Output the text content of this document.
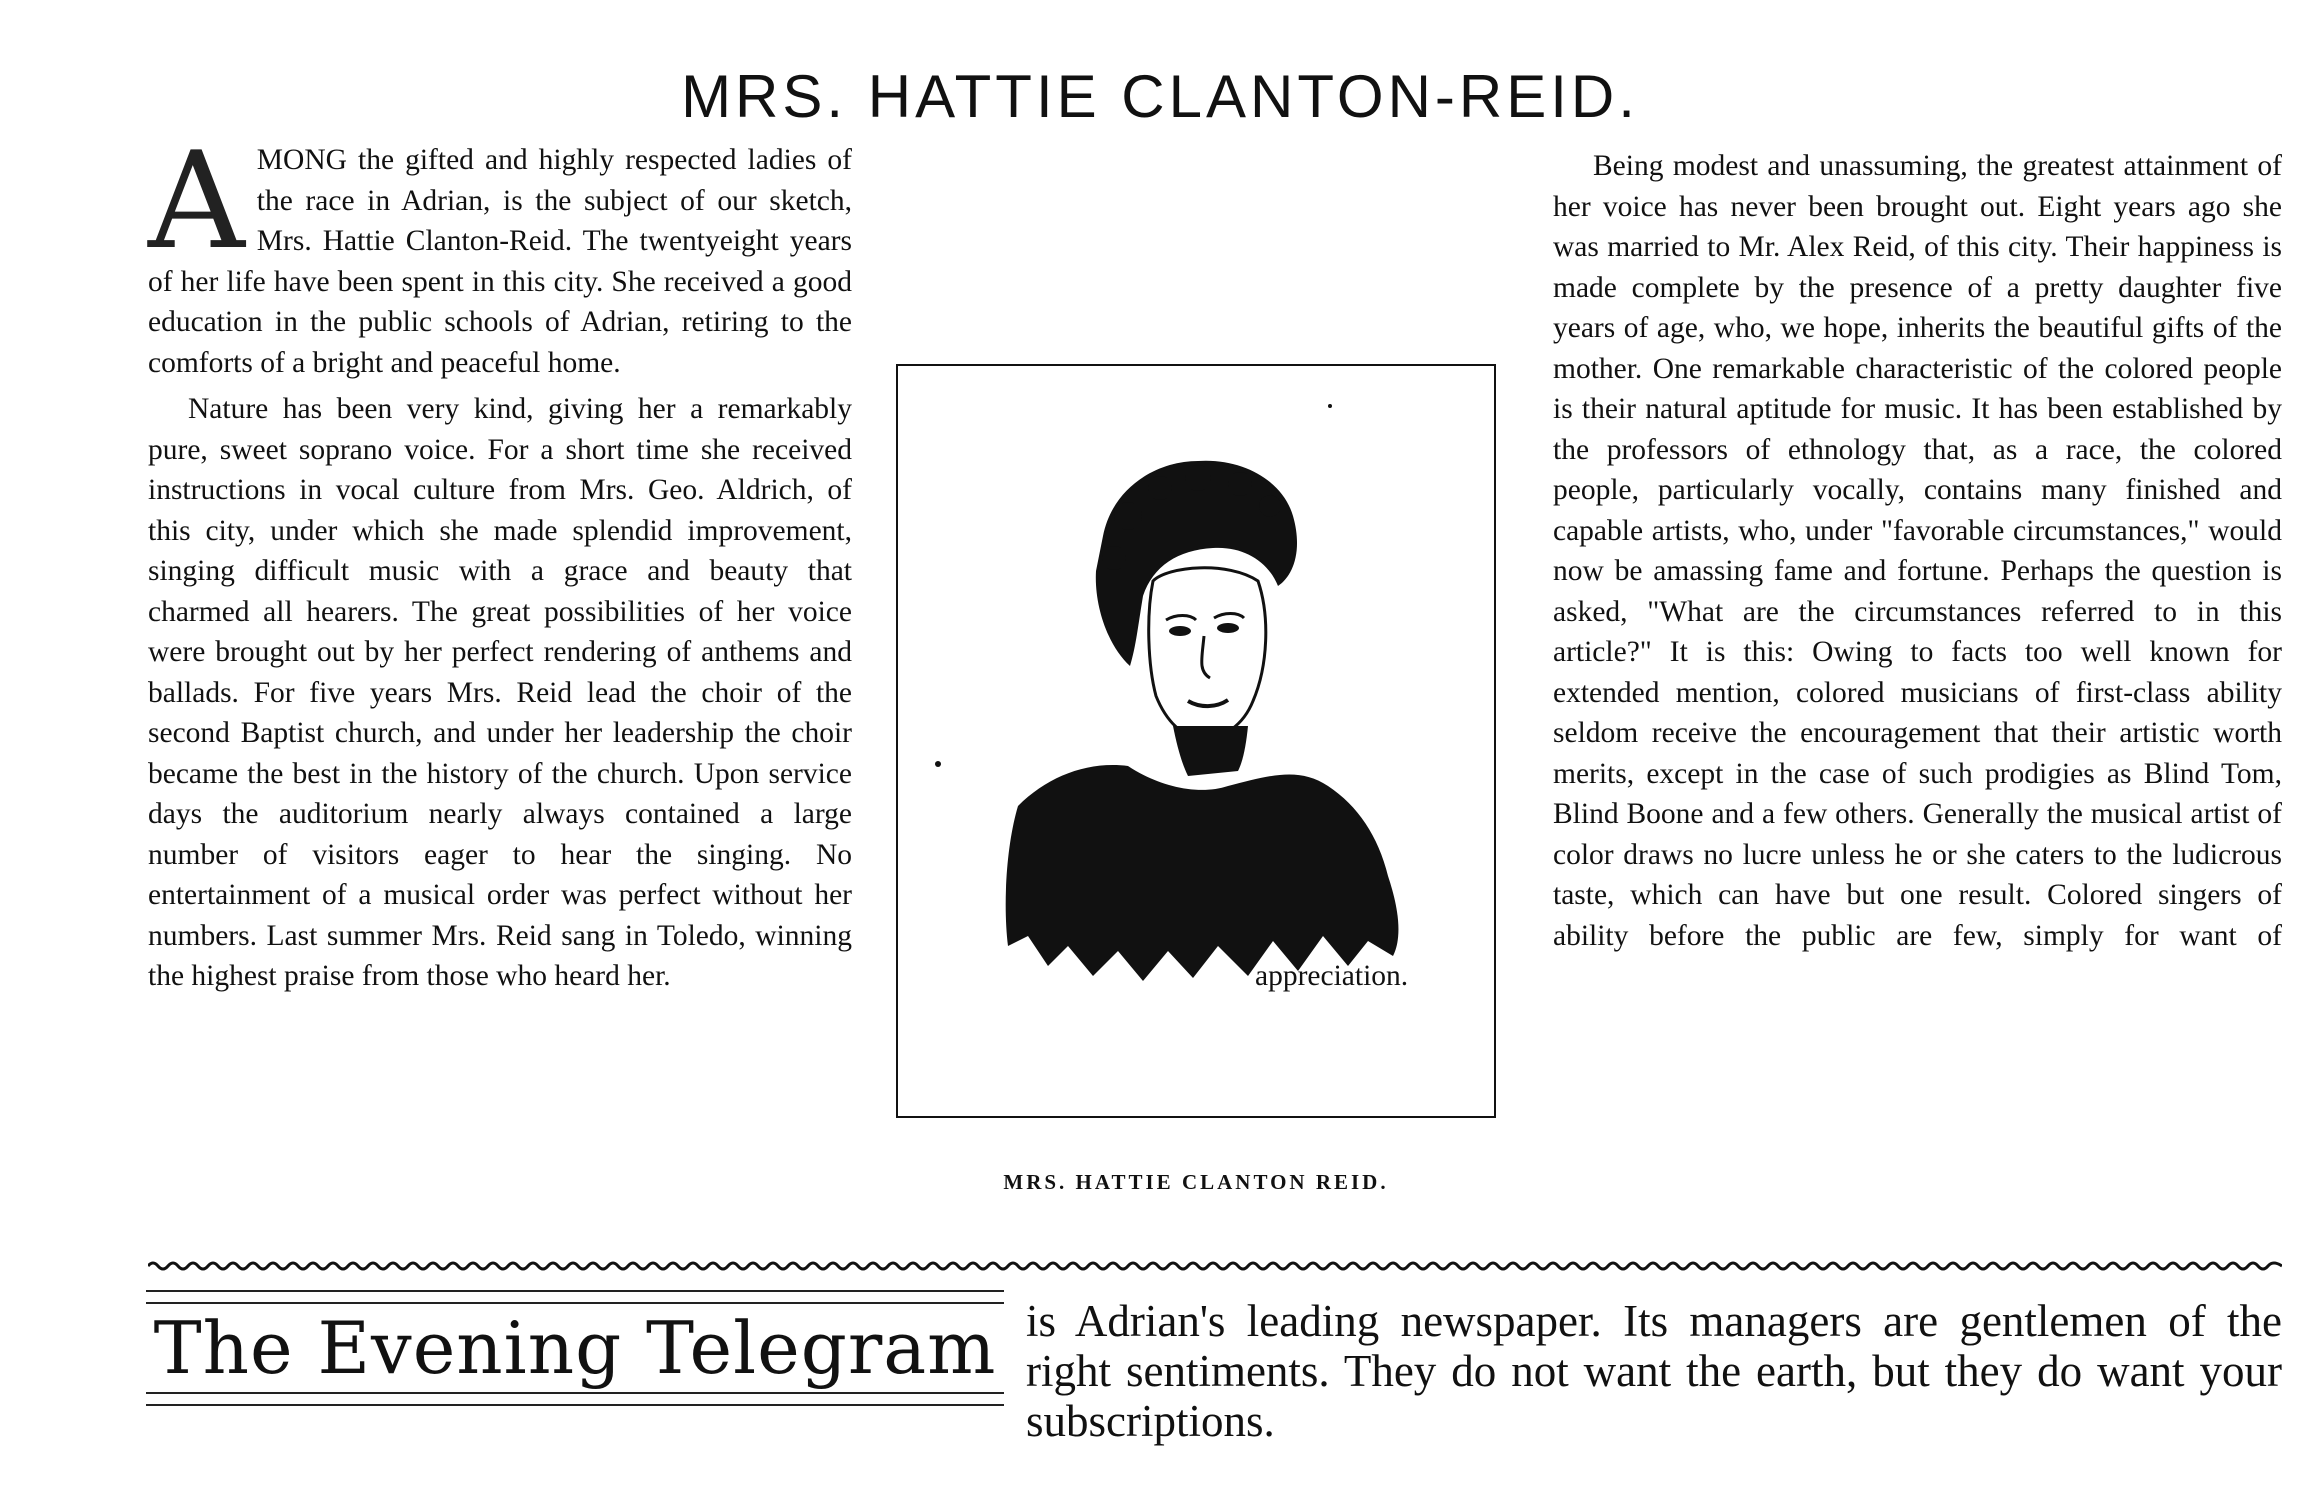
MRS. HATTIE CLANTON-REID.
A MONG the gifted and highly respected ladies of the race in Adrian, is the subject of our sketch, Mrs. Hattie Clanton-Reid. The twentyeight years of her life have been spent in this city. She received a good education in the public schools of Adrian, retiring to the comforts of a bright and peaceful home.

Nature has been very kind, giving her a remarkably pure, sweet soprano voice. For a short time she received instructions in vocal culture from Mrs. Geo. Aldrich, of this city, under which she made splendid improvement, singing difficult music with a grace and beauty that charmed all hearers. The great possibilities of her voice were brought out by her perfect rendering of anthems and ballads. For five years Mrs. Reid lead the choir of the second Baptist church, and under her leadership the choir became the best in the history of the church. Upon service days the auditorium nearly always contained a large number of visitors eager to hear the singing. No entertainment of a musical order was perfect without her numbers. Last summer Mrs. Reid sang in Toledo, winning the highest praise from those who heard her.

Being modest and unassuming, the greatest attainment of her voice has never been brought out. Eight years ago she was married to Mr. Alex Reid, of this city. Their happiness is made complete by the presence of a pretty daughter five years of age, who, we hope, inherits the beautiful gifts of the mother. One remarkable characteristic of the colored people is their natural aptitude for music. It has been established by the professors of ethnology that, as a race, the colored people, particularly vocally, contains many finished and capable artists, who, under "favorable circumstances," would now be amassing fame and fortune. Perhaps the question is asked, "What are the circumstances referred to in this article?" It is this: Owing to facts too well known for extended mention, colored musicians of first-class ability seldom receive the encouragement that their artistic worth merits, except in the case of such prodigies as Blind Tom, Blind Boone and a few others. Generally the musical artist of color draws no lucre unless he or she caters to the ludicrous taste, which can have but one result. Colored singers of ability before the public are few, simply for want of appreciation.

MRS. HATTIE CLANTON REID.
The Evening Telegram is Adrian's leading newspaper. Its managers are gentlemen of the right sentiments. They do not want the earth, but they do want your subscriptions.
